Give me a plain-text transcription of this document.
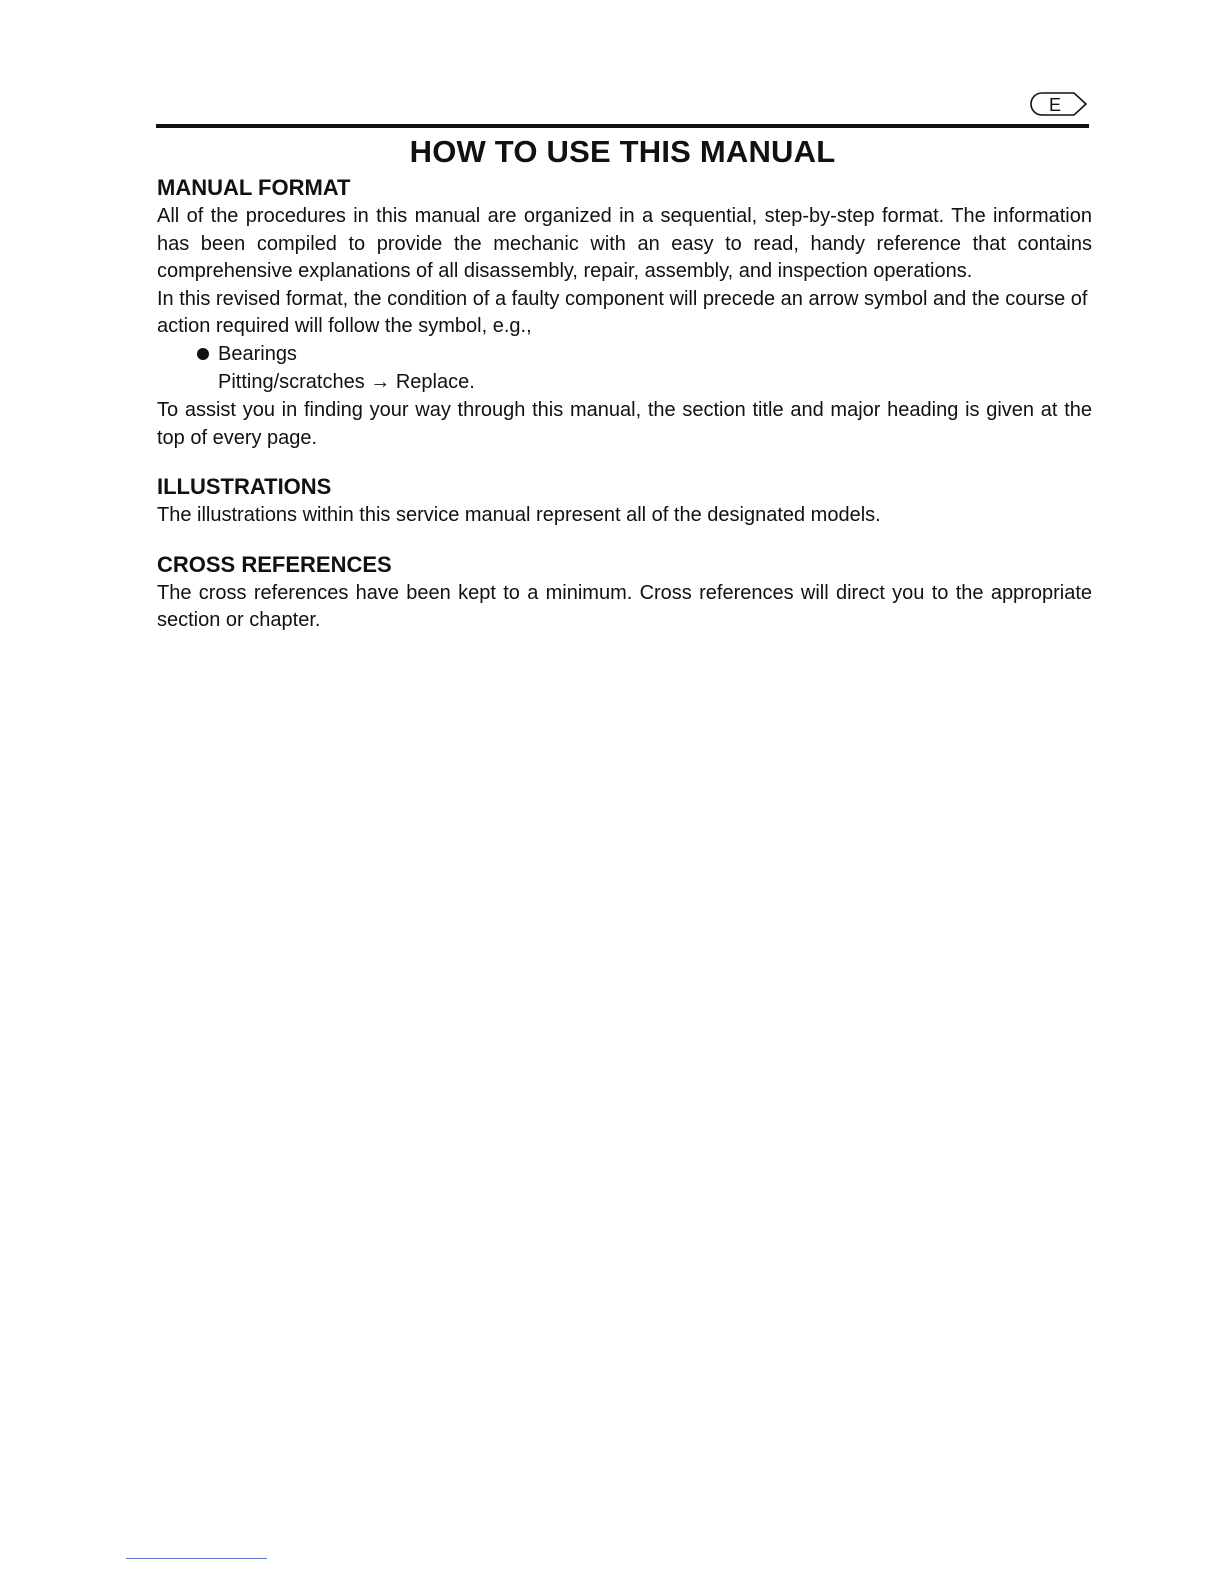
E
HOW TO USE THIS MANUAL
MANUAL FORMAT

All of the procedures in this manual are organized in a sequential, step-by-step format. The information has been compiled to provide the mechanic with an easy to read, handy reference that contains comprehensive explanations of all disassembly, repair, assembly, and inspection operations.

In this revised format, the condition of a faulty component will precede an arrow symbol and the course of action required will follow the symbol, e.g.,

Bearings

Pitting/scratches → Replace.

To assist you in finding your way through this manual, the section title and major heading is given at the top of every page.

ILLUSTRATIONS

The illustrations within this service manual represent all of the designated models.

CROSS REFERENCES

The cross references have been kept to a minimum. Cross references will direct you to the appropriate section or chapter.
